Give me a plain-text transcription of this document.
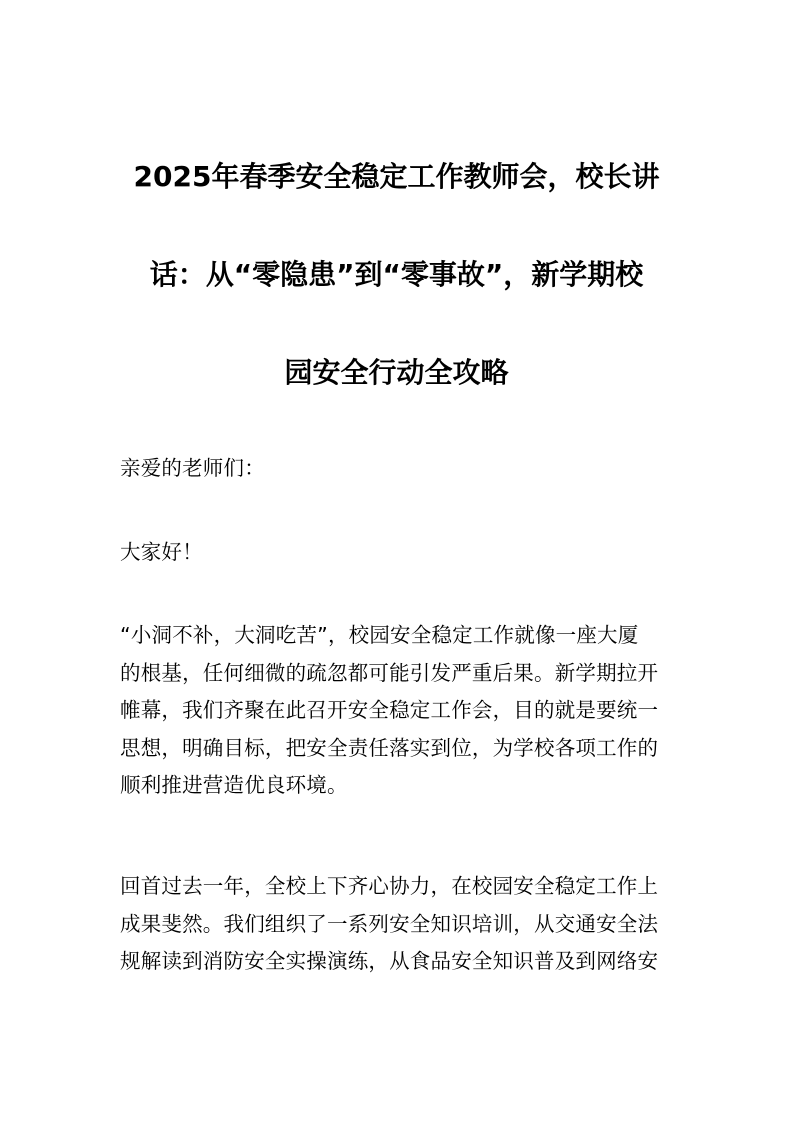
2025年春季安全稳定工作教师会，校长讲
话：从“零隐患”到“零事故”，新学期校
园安全行动全攻略
亲爱的老师们：
大家好！
“小洞不补，大洞吃苦”，校园安全稳定工作就像一座大厦
的根基，任何细微的疏忽都可能引发严重后果。新学期拉开
帷幕，我们齐聚在此召开安全稳定工作会，目的就是要统一
思想，明确目标，把安全责任落实到位，为学校各项工作的
顺利推进营造优良环境。
回首过去一年，全校上下齐心协力，在校园安全稳定工作上
成果斐然。我们组织了一系列安全知识培训，从交通安全法
规解读到消防安全实操演练，从食品安全知识普及到网络安
